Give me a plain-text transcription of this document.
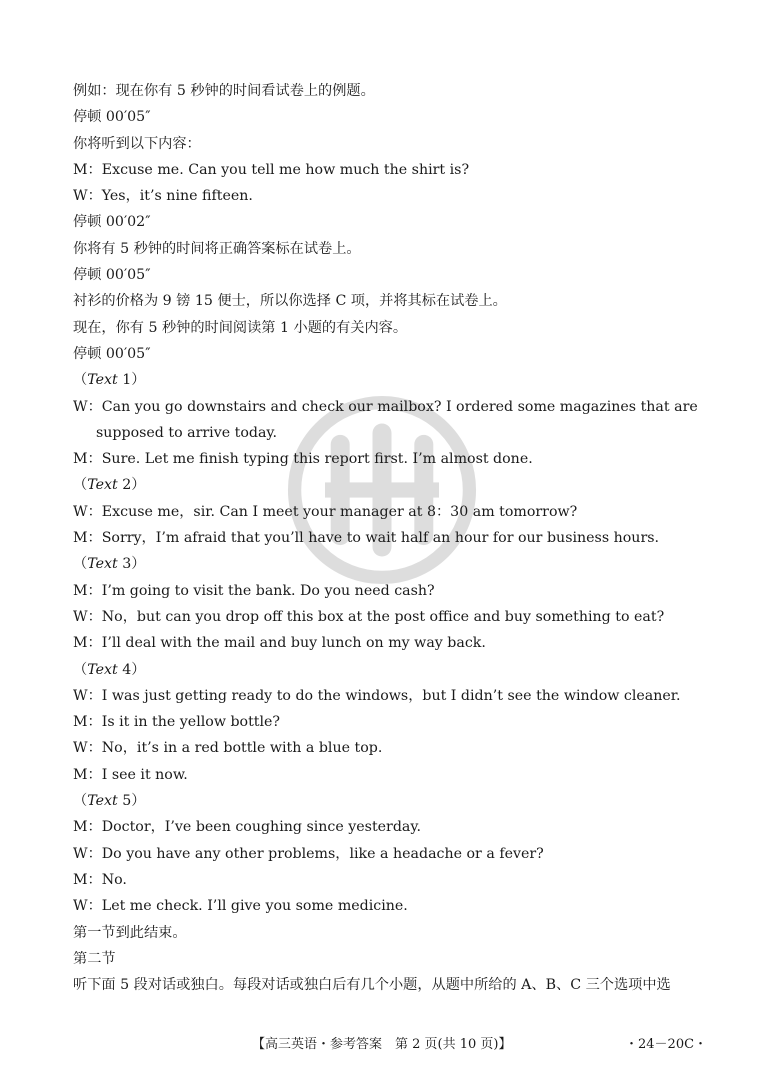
例如：现在你有 5 秒钟的时间看试卷上的例题。
停顿 00′05″
你将听到以下内容：
M：Excuse me. Can you tell me how much the shirt is?
W：Yes，it’s nine fifteen.
停顿 00′02″
你将有 5 秒钟的时间将正确答案标在试卷上。
停顿 00′05″
衬衫的价格为 9 镑 15 便士，所以你选择 C 项，并将其标在试卷上。
现在，你有 5 秒钟的时间阅读第 1 小题的有关内容。
停顿 00′05″
（Text 1）
W：Can you go downstairs and check our mailbox? I ordered some magazines that are supposed to arrive today.
M：Sure. Let me finish typing this report first. I’m almost done.
（Text 2）
W：Excuse me，sir. Can I meet your manager at 8：30 am tomorrow?
M：Sorry，I’m afraid that you’ll have to wait half an hour for our business hours.
（Text 3）
M：I’m going to visit the bank. Do you need cash?
W：No，but can you drop off this box at the post office and buy something to eat?
M：I’ll deal with the mail and buy lunch on my way back.
（Text 4）
W：I was just getting ready to do the windows，but I didn’t see the window cleaner.
M：Is it in the yellow bottle?
W：No，it’s in a red bottle with a blue top.
M：I see it now.
（Text 5）
M：Doctor，I’ve been coughing since yesterday.
W：Do you have any other problems，like a headache or a fever?
M：No.
W：Let me check. I’ll give you some medicine.
第一节到此结束。
第二节
听下面 5 段对话或独白。每段对话或独白后有几个小题，从题中所给的 A、B、C 三个选项中选
【高三英语・参考答案　第 2 页(共 10 页)】	・24－20C・
